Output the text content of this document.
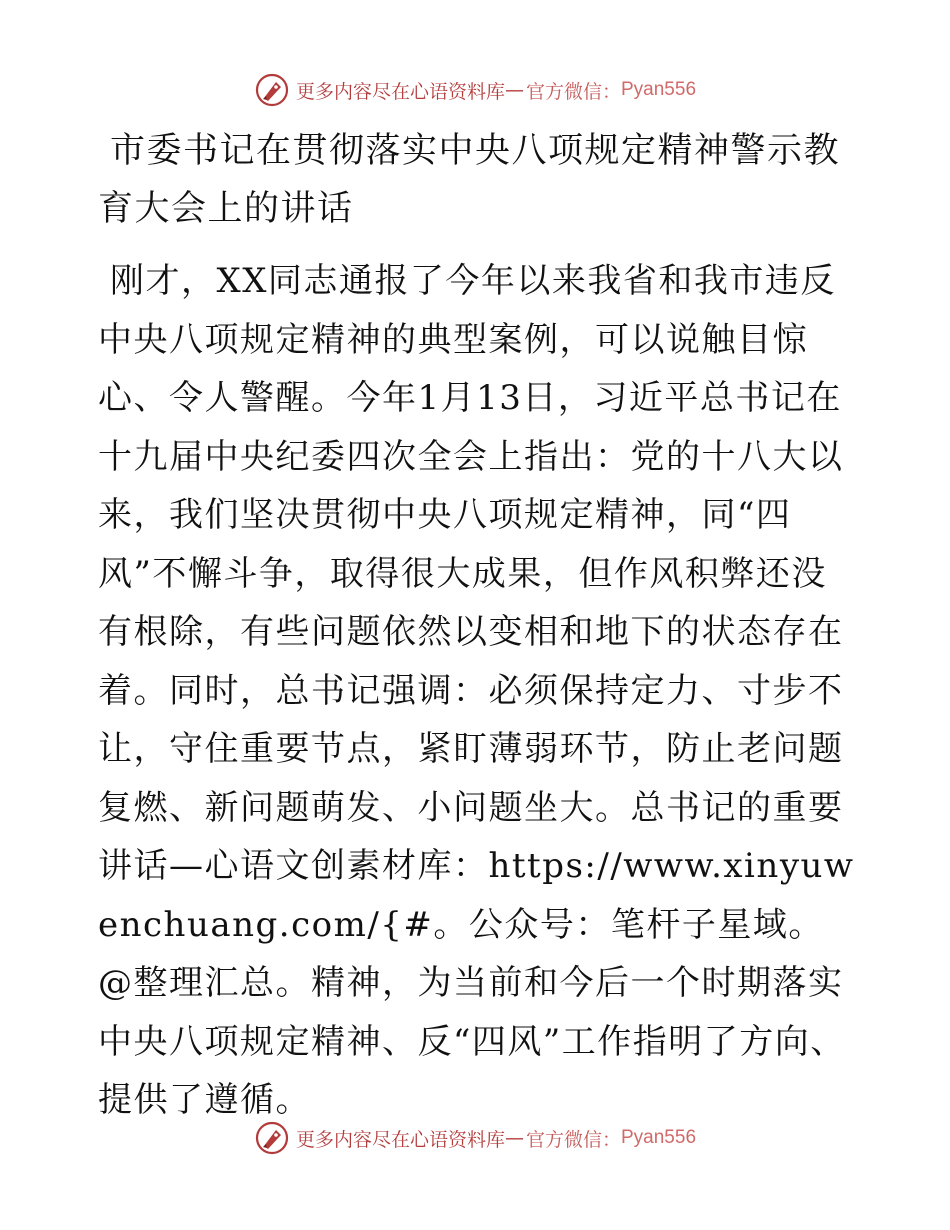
更多内容尽在心语资料库 — 官方微信： Pyan556
市委书记在贯彻落实中央八项规定精神警示教育大会上的讲话

刚才，XX同志通报了今年以来我省和我市违反中央八项规定精神的典型案例，可以说触目惊心、令人警醒。今年1月13日，习近平总书记在十九届中央纪委四次全会上指出：党的十八大以来，我们坚决贯彻中央八项规定精神，同“四风”不懈斗争，取得很大成果，但作风积弊还没有根除，有些问题依然以变相和地下的状态存在着。同时，总书记强调：必须保持定力、寸步不让，守住重要节点，紧盯薄弱环节，防止老问题复燃、新问题萌发、小问题坐大。总书记的重要讲话—心语文创素材库：https://www.xinyuwenchuang.com/{#。公众号：笔杆子星域。@整理汇总。精神，为当前和今后一个时期落实中央八项规定精神、反“四风”工作指明了方向、提供了遵循。

更多内容尽在心语资料库 — 官方微信： Pyan556
